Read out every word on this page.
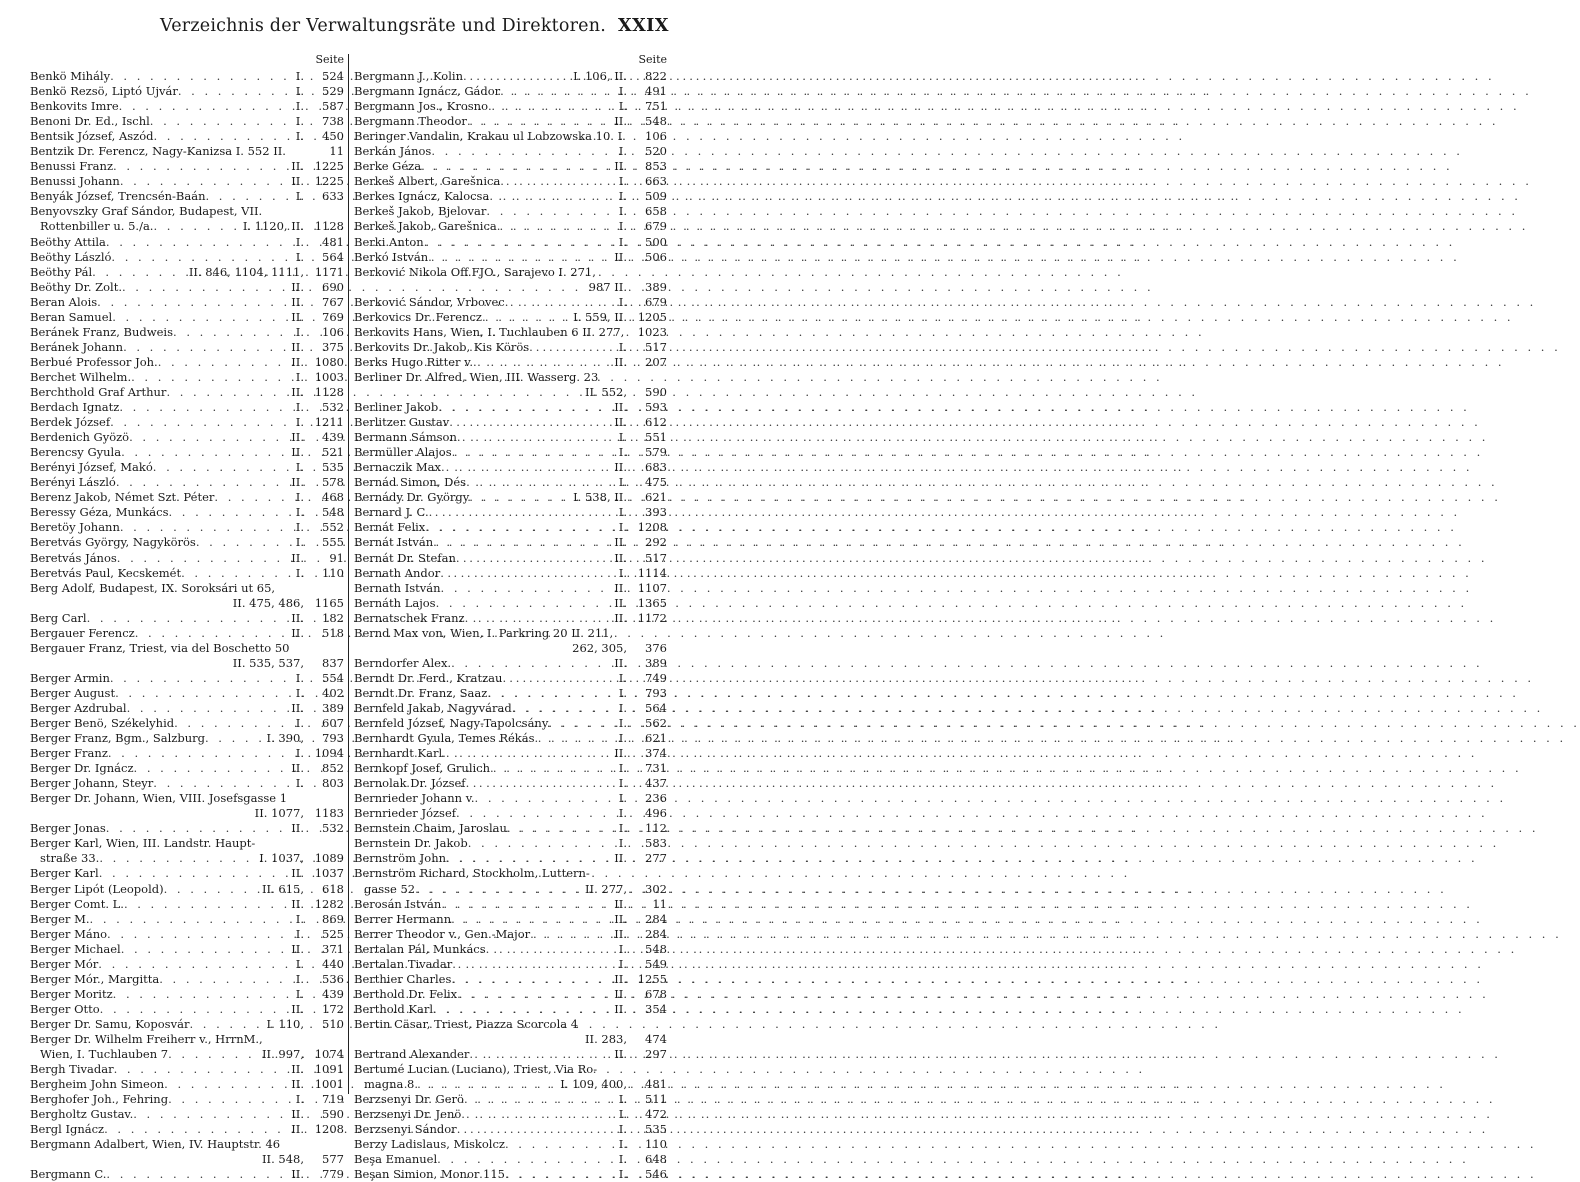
Verzeichnis der Verwaltungsräte und Direktoren. XXIX
Seite
Benkö Mihály . . .	I.	524
Benkö Rezsö, Liptó Ujvár . . .	I.	529
Benkovits Imre . . .	I.	587
Benoni Dr. Ed., Ischl . . .	I.	738
Bentsik József, Aszód . . .	I.	450
Bentzik Dr. Ferencz, Nagy-Kanizsa I. 552 II.	11
Benussi Franz . . .	II. 1225
Benussi Johann . . .	II. 1225
Benyák József, Trencsén-Baán . . .	I.	633
Benyovszky Graf Sándor, Budapest, VII.
Rottenbiller u. 5./a. . . .	I. 1120, II. 1128
Beöthy Attila . . .	I.	481
Beöthy László . . .	I.	564
Beöthy Pál . . .	II. 846, 1104, 1111, 1171
Beöthy Dr. Zolt. . . .	II.	690
Beran Alois . . .	II.	767
Beran Samuel . . .	II.	769
Beránek Franz, Budweis . . .	I.	106
Beránek Johann . . .	II.	375
Berbué Professor Joh. . . .	II. 1080
Berchet Wilhelm. . . .	I. 1003
Berchthold Graf Arthur . . .	II. 1128
Berdach Ignatz . . .	I.	532
Berdek József . . .	I. 1211
Berdenich Gyözö . . .	II.	439
Berencsy Gyula . . .	II.	521
Berényi József, Makó . . .	I.	535
Berényi László . . .	II.	578
Berenz Jakob, Német Szt. Péter . . .	I.	468
Beressy Géza, Munkács . . .	I.	548
Beretöy Johann . . .	I.	552
Beretvás György, Nagykörös . . .	I.	555
Beretvás János . . .	II.	91
Beretvás Paul, Kecskemét . . .	I.	110
Berg Adolf, Budapest, IX. Soroksári ut 65,
II. 475, 486, 1165
Berg Carl . . .	II.	182
Bergauer Ferencz . . .	II.	518
Bergauer Franz, Triest, via del Boschetto 50
II. 535, 537,	837
Berger Armin . . .	I.	554
Berger August . . .	I.	402
Berger Azdrubal . . .	II.	389
Berger Benö, Székelyhid . . .	I.	607
Berger Franz, Bgm., Salzburg . . .	I. 390,	793
Berger Franz . . .	I. 1094
Berger Dr. Ignácz . . .	II.	852
Berger Johann, Steyr . . .	I.	803
Berger Dr. Johann, Wien, VIII. Josefsgasse 1
II. 1077, 1183
Berger Jonas . . .	II.	532
Berger Karl, Wien, III. Landstr. Haupt-
straße 33. . . .	I. 1037, 1089
Berger Karl . . .	II. 1037
Berger Lipót (Leopold) . . .	II. 615,	618
Berger Comt. L. . . .	II. 1282
Berger M. . . .	I.	869
Berger Máno . . .	I.	525
Berger Michael . . .	II.	371
Berger Mór . . .	I.	440
Berger Mór., Margitta . . .	I.	536
Berger Moritz . . .	I.	439
Berger Otto . . .	II.	172
Berger Dr. Samu, Koposvár . . .	I. 110,	510
Berger Dr. Wilhelm Freiherr v., HrrnM.,
Wien, I. Tuchlauben 7 . . .	II. 997, 1074
Bergh Tivadar . . .	II. 1091
Bergheim John Simeon . . .	II. 1001
Berghofer Joh., Fehring . . .	I.	719
Bergholtz Gustav. . . .	II.	590
Bergl Ignácz . . .	II. 1208
Bergmann Adalbert, Wien, IV. Hauptstr. 46
II. 548,	577
Bergmann C. . . .	II.	779
Seite
Bergmann J., Kolin . . .	I. 106, II.	822
Bergmann Ignácz, Gádor . . .	I.	491
Bergmann Jos., Krosno . . .	I.	751
Bergmann Theodor . . .	II.	548
Beringer Vandalin, Krakau ul Lobzowska 10. I.	106
Berkán János . . .	I.	520
Berke Géza . . .	II.	853
Berkeš Albert, Garešnica . . .	I.	663
Berkes Ignácz, Kalocsa . . .	I.	509
Berkeš Jakob, Bjelovar . . .	I.	658
Berkeš Jakob, Garešnica . . .	I.	679
Berki Anton . . .	I.	500
Berkó István . . .	II.	506
Berković Nikola Off.FJO., Sarajevo I. 271,
987 II.	389
Berković Sándor, Vrbovec . . .	I.	679
Berkovics Dr. Ferencz . . .	I. 559, II. 1205
Berkovits Hans, Wien, I. Tuchlauben 6 II. 277,	1023
Berkovits Dr. Jakob, Kis Körös . . .	I.	517
Berks Hugo Ritter v. . . .	II.	207
Berliner Dr. Alfred, Wien, III. Wasserg. 23
II. 552,	590
Berliner Jakob . . .	II.	593
Berlitzer Gustav . . .	II.	612
Bermann Sámson . . .	I.	551
Bermüller Alajos . . .	I.	579
Bernaczik Max . . .	II.	683
Bernád Simon, Dés . . .	I.	475
Bernády Dr. György . . .	I. 538, II.	621
Bernard J. C. . . .	I.	393
Bernát Felix . . .	I. 1208
Bernát István . . .	II.	292
Bernát Dr. Stefan . . .	II.	517
Bernath Andor . . .	I. 1114
Bernath István . . .	II. 1107
Bernáth Lajos . . .	II. 1365
Bernatschek Franz . . .	II. 1172
Bernd Max von, Wien, I. Parkring 20 II. 211,
262, 305,	376
Berndorfer Alex. . . .	II.	389
Berndt Dr. Ferd., Kratzau . . .	I.	749
Berndt Dr. Franz, Saaz . . .	I.	793
Bernfeld Jakab, Nagyvárad . . .	I.	564
Bernfeld József, Nagy-Tapolcsány . . .	I.	562
Bernhardt Gyula, Temes Rékás . . .	I.	621
Bernhardt Karl. . . .	II.	374
Bernkopf Josef, Grulich . . .	I.	731
Bernolak Dr. József . . .	I.	437
Bernrieder Johann v. . . .	I.	236
Bernrieder József . . .	I.	496
Bernstein Chaim, Jaroslau . . .	I.	112
Bernstein Dr. Jakob . . .	I.	583
Bernström John . . .	II.	277
Bernström Richard, Stockholm, Luttern-
gasse 52 . . .	II. 277,	302
Berosán István . . .	II.	11
Berrer Hermann . . .	II.	284
Berrer Theodor v., Gen.-Major . . .	II.	284
Bertalan Pál, Munkács . . .	I.	548
Bertalan Tivadar . . .	I.	549
Berthier Charles . . .	II. 1255
Berthold Dr. Felix . . .	II.	678
Berthold Karl . . .	II.	354
Bertin Cäsar, Triest, Piazza Scorcola 4
II. 283,	474
Bertrand Alexander . . .	II.	297
Bertumé Lucian (Luciano), Triest, Via Ro-
magna 8 . . .	I. 109, 400,	481
Berzsenyi Dr. Gerö . . .	I.	511
Berzsenyi Dr. Jenö . . .	I.	472
Berzsenyi Sándor . . .	I.	535
Berzy Ladislaus, Miskolcz . . .	I.	110
Beşa Emanuel . . .	I.	648
Beşan Simion, Monor 115 . . .	I.	546
